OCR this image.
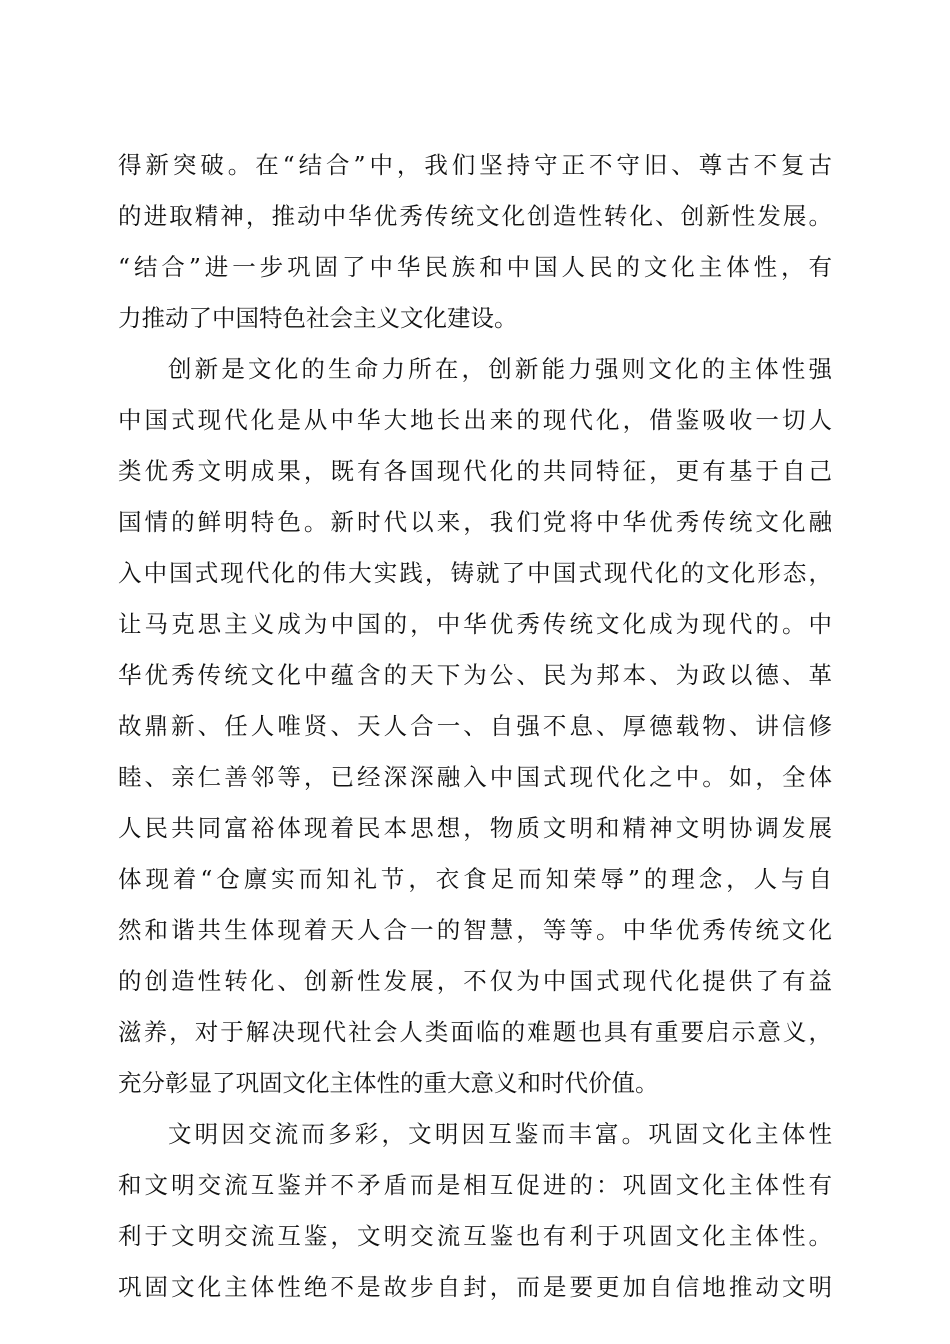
得新突破。在“结合”中，我们坚持守正不守旧、尊古不复古
的进取精神，推动中华优秀传统文化创造性转化、创新性发展。
“结合”进一步巩固了中华民族和中国人民的文化主体性，有
力推动了中国特色社会主义文化建设。
创新是文化的生命力所在，创新能力强则文化的主体性强
中国式现代化是从中华大地长出来的现代化，借鉴吸收一切人
类优秀文明成果，既有各国现代化的共同特征，更有基于自己
国情的鲜明特色。新时代以来，我们党将中华优秀传统文化融
入中国式现代化的伟大实践，铸就了中国式现代化的文化形态，
让马克思主义成为中国的，中华优秀传统文化成为现代的。中
华优秀传统文化中蕴含的天下为公、民为邦本、为政以德、革
故鼎新、任人唯贤、天人合一、自强不息、厚德载物、讲信修
睦、亲仁善邻等，已经深深融入中国式现代化之中。如，全体
人民共同富裕体现着民本思想，物质文明和精神文明协调发展
体现着“仓廪实而知礼节，衣食足而知荣辱”的理念，人与自
然和谐共生体现着天人合一的智慧，等等。中华优秀传统文化
的创造性转化、创新性发展，不仅为中国式现代化提供了有益
滋养，对于解决现代社会人类面临的难题也具有重要启示意义，
充分彰显了巩固文化主体性的重大意义和时代价值。
文明因交流而多彩，文明因互鉴而丰富。巩固文化主体性
和文明交流互鉴并不矛盾而是相互促进的：巩固文化主体性有
利于文明交流互鉴，文明交流互鉴也有利于巩固文化主体性。
巩固文化主体性绝不是故步自封，而是要更加自信地推动文明
